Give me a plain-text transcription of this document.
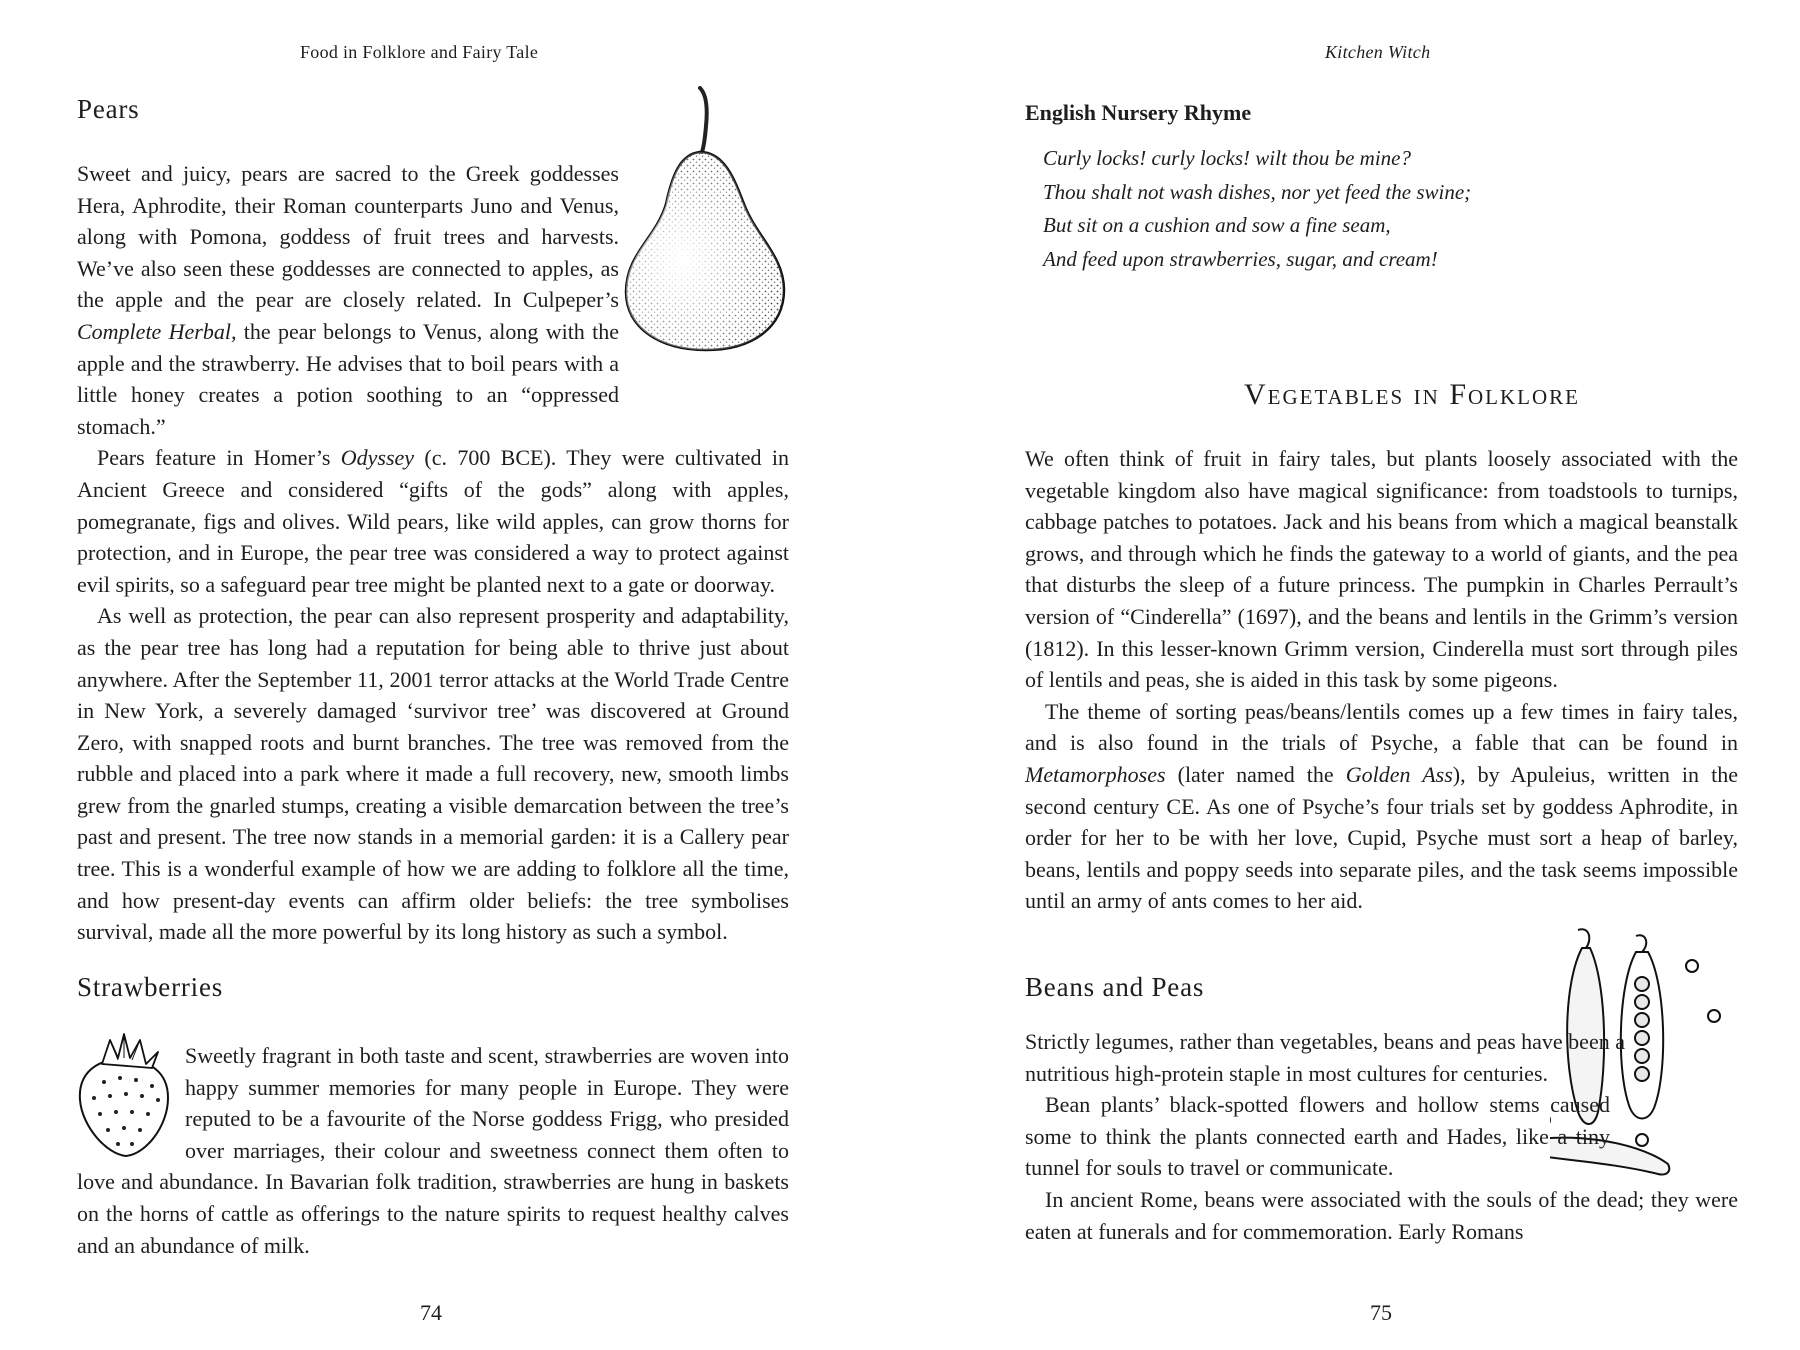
Food in Folklore and Fairy Tale
Pears

Sweet and juicy, pears are sacred to the Greek goddesses Hera, Aphrodite, their Roman counterparts Juno and Venus, along with Pomona, goddess of fruit trees and harvests. We’ve also seen these goddesses are connected to apples, as the apple and the pear are closely related. In Culpeper’s Complete Herbal, the pear belongs to Venus, along with the apple and the strawberry. He advises that to boil pears with a little honey creates a potion soothing to an “oppressed stomach.”

Pears feature in Homer’s Odyssey (c. 700 BCE). They were cultivated in Ancient Greece and considered “gifts of the gods” along with apples, pomegranate, figs and olives. Wild pears, like wild apples, can grow thorns for protection, and in Europe, the pear tree was considered a way to protect against evil spirits, so a safeguard pear tree might be planted next to a gate or doorway.

As well as protection, the pear can also represent prosperity and adaptability, as the pear tree has long had a reputation for being able to thrive just about anywhere. After the September 11, 2001 terror attacks at the World Trade Centre in New York, a severely damaged ‘survivor tree’ was discovered at Ground Zero, with snapped roots and burnt branches. The tree was removed from the rubble and placed into a park where it made a full recovery, new, smooth limbs grew from the gnarled stumps, creating a visible demarcation between the tree’s past and present. The tree now stands in a memorial garden: it is a Callery pear tree. This is a wonderful example of how we are adding to folklore all the time, and how present-day events can affirm older beliefs: the tree symbolises survival, made all the more powerful by its long history as such a symbol.

Strawberries

Sweetly fragrant in both taste and scent, strawberries are woven into happy summer memories for many people in Europe. They were reputed to be a favourite of the Norse goddess Frigg, who presided over marriages, their colour and sweetness connect them often to love and abundance. In Bavarian folk tradition, strawberries are hung in baskets on the horns of cattle as offerings to the nature spirits to request healthy calves and an abundance of milk.

74
Kitchen Witch
English Nursery Rhyme
Curly locks! curly locks! wilt thou be mine?
Thou shalt not wash dishes, nor yet feed the swine;
But sit on a cushion and sow a fine seam,
And feed upon strawberries, sugar, and cream!
Vegetables in Folklore

We often think of fruit in fairy tales, but plants loosely associated with the vegetable kingdom also have magical significance: from toadstools to turnips, cabbage patches to potatoes. Jack and his beans from which a magical beanstalk grows, and through which he finds the gateway to a world of giants, and the pea that disturbs the sleep of a future princess. The pumpkin in Charles Perrault’s version of “Cinderella” (1697), and the beans and lentils in the Grimm’s version (1812). In this lesser-known Grimm version, Cinderella must sort through piles of lentils and peas, she is aided in this task by some pigeons.

The theme of sorting peas/beans/lentils comes up a few times in fairy tales, and is also found in the trials of Psyche, a fable that can be found in Metamorphoses (later named the Golden Ass), by Apuleius, written in the second century CE. As one of Psyche’s four trials set by goddess Aphrodite, in order for her to be with her love, Cupid, Psyche must sort a heap of barley, beans, lentils and poppy seeds into separate piles, and the task seems impossible until an army of ants comes to her aid.

Beans and Peas

Strictly legumes, rather than vegetables, beans and peas have been a nutritious high-protein staple in most cultures for centuries.

Bean plants’ black-spotted flowers and hollow stems caused some to think the plants connected earth and Hades, like a tiny tunnel for souls to travel or communicate.

In ancient Rome, beans were associated with the souls of the dead; they were eaten at funerals and for commemoration. Early Romans

75
